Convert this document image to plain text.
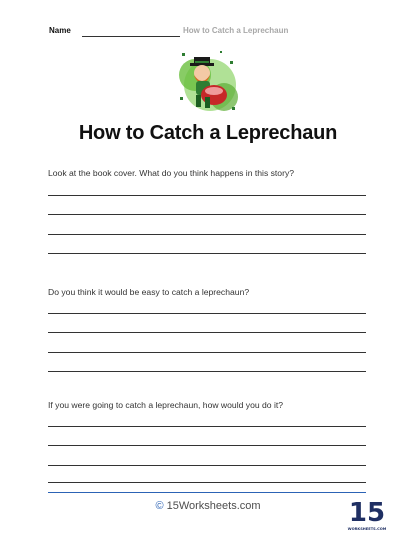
Name	How to Catch a Leprechaun
How to Catch a Leprechaun
Look at the book cover. What do you think happens in this story?
Do you think it would be easy to catch a leprechaun?
If you were going to catch a leprechaun, how would you do it?
© 15Worksheets.com	15
WORKSHEETS.COM
